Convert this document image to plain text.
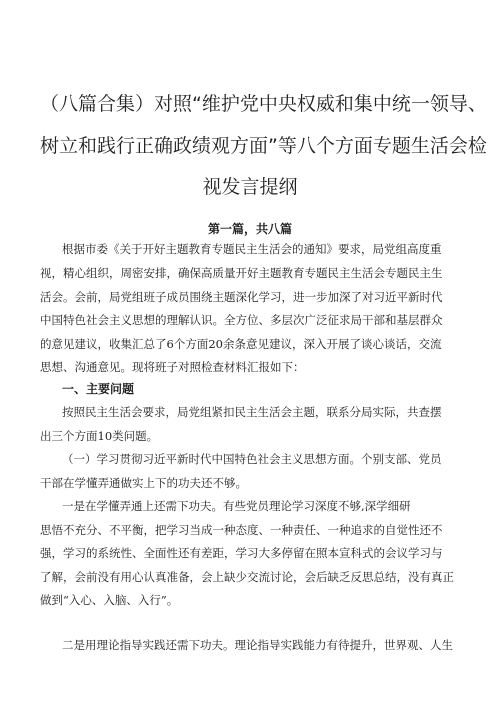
（八篇合集）对照“维护党中央权威和集中统一领导、
树立和践行正确政绩观方面”等八个方面专题生活会检
视发言提纲
第一篇，共八篇
根据市委《关于开好主题教育专题民主生活会的通知》要求，局党组高度重
视，精心组织，周密安排，确保高质量开好主题教育专题民主生活会专题民主生
活会。会前，局党组班子成员围绕主题深化学习，进一步加深了对习近平新时代
中国特色社会主义思想的理解认识。全方位、多层次广泛征求局干部和基层群众
的意见建议，收集汇总了6个方面20余条意见建议，深入开展了谈心谈话，交流
思想、沟通意见。现将班子对照检查材料汇报如下：
一、主要问题
按照民主生活会要求，局党组紧扣民主生活会主题，联系分局实际，共查摆
出三个方面10类问题。
（一）学习贯彻习近平新时代中国特色社会主义思想方面。个别支部、党员
干部在学懂弄通做实上下的功夫还不够。
一是在学懂弄通上还需下功夫。有些党员理论学习深度不够,深学细研
思悟不充分、不平衡，把学习当成一种态度、一种责任、一种追求的自觉性还不
强，学习的系统性、全面性还有差距，学习大多停留在照本宣科式的会议学习与
了解，会前没有用心认真准备，会上缺少交流讨论，会后缺乏反思总结，没有真正
做到“入心、入脑、入行”。
二是用理论指导实践还需下功夫。理论指导实践能力有待提升，世界观、人生
